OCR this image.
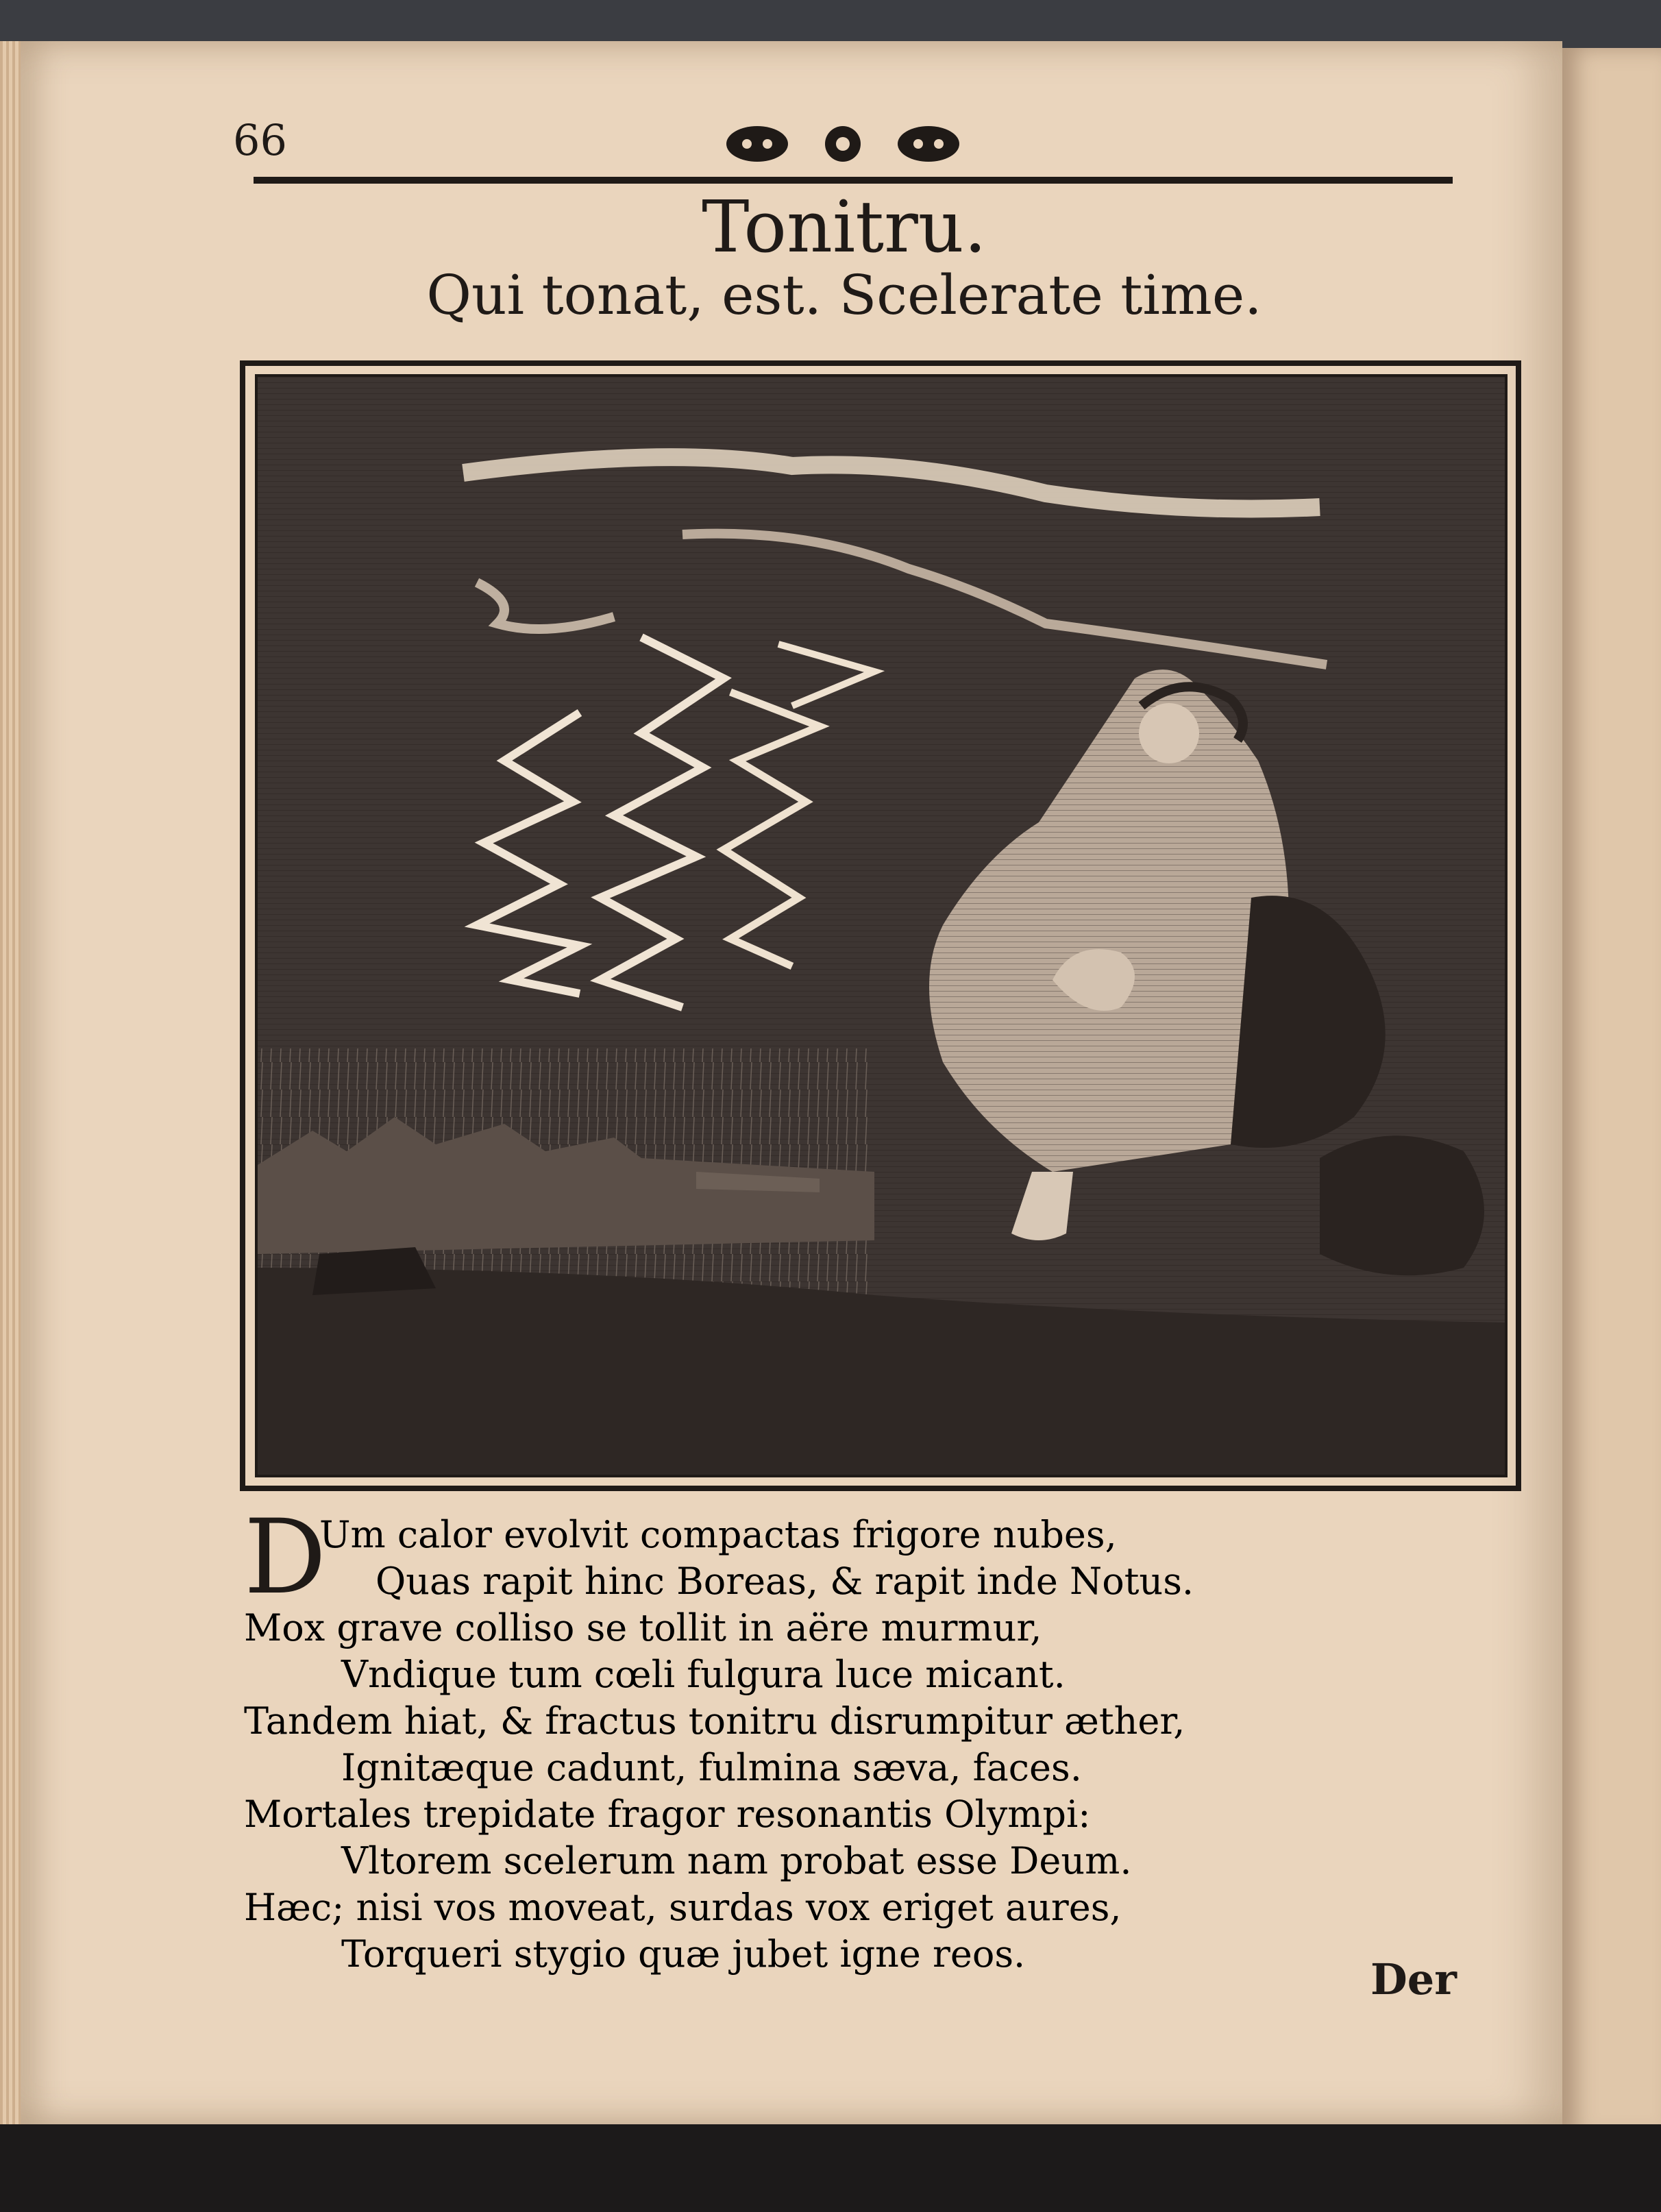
66
Tonitru.
Qui tonat, est. Scelerate time.
D
Um calor evolvit compactas frigore nubes,
Quas rapit hinc Boreas, & rapit inde Notus.
Mox grave colliso se tollit in aëre murmur,
Vndique tum cœli fulgura luce micant.
Tandem hiat, & fractus tonitru disrumpitur æther,
Ignitæque cadunt, fulmina sæva, faces.
Mortales trepidate fragor resonantis Olympi:
Vltorem scelerum nam probat esse Deum.
Hæc; nisi vos moveat, surdas vox eriget aures,
Torqueri stygio quæ jubet igne reos.
Der
